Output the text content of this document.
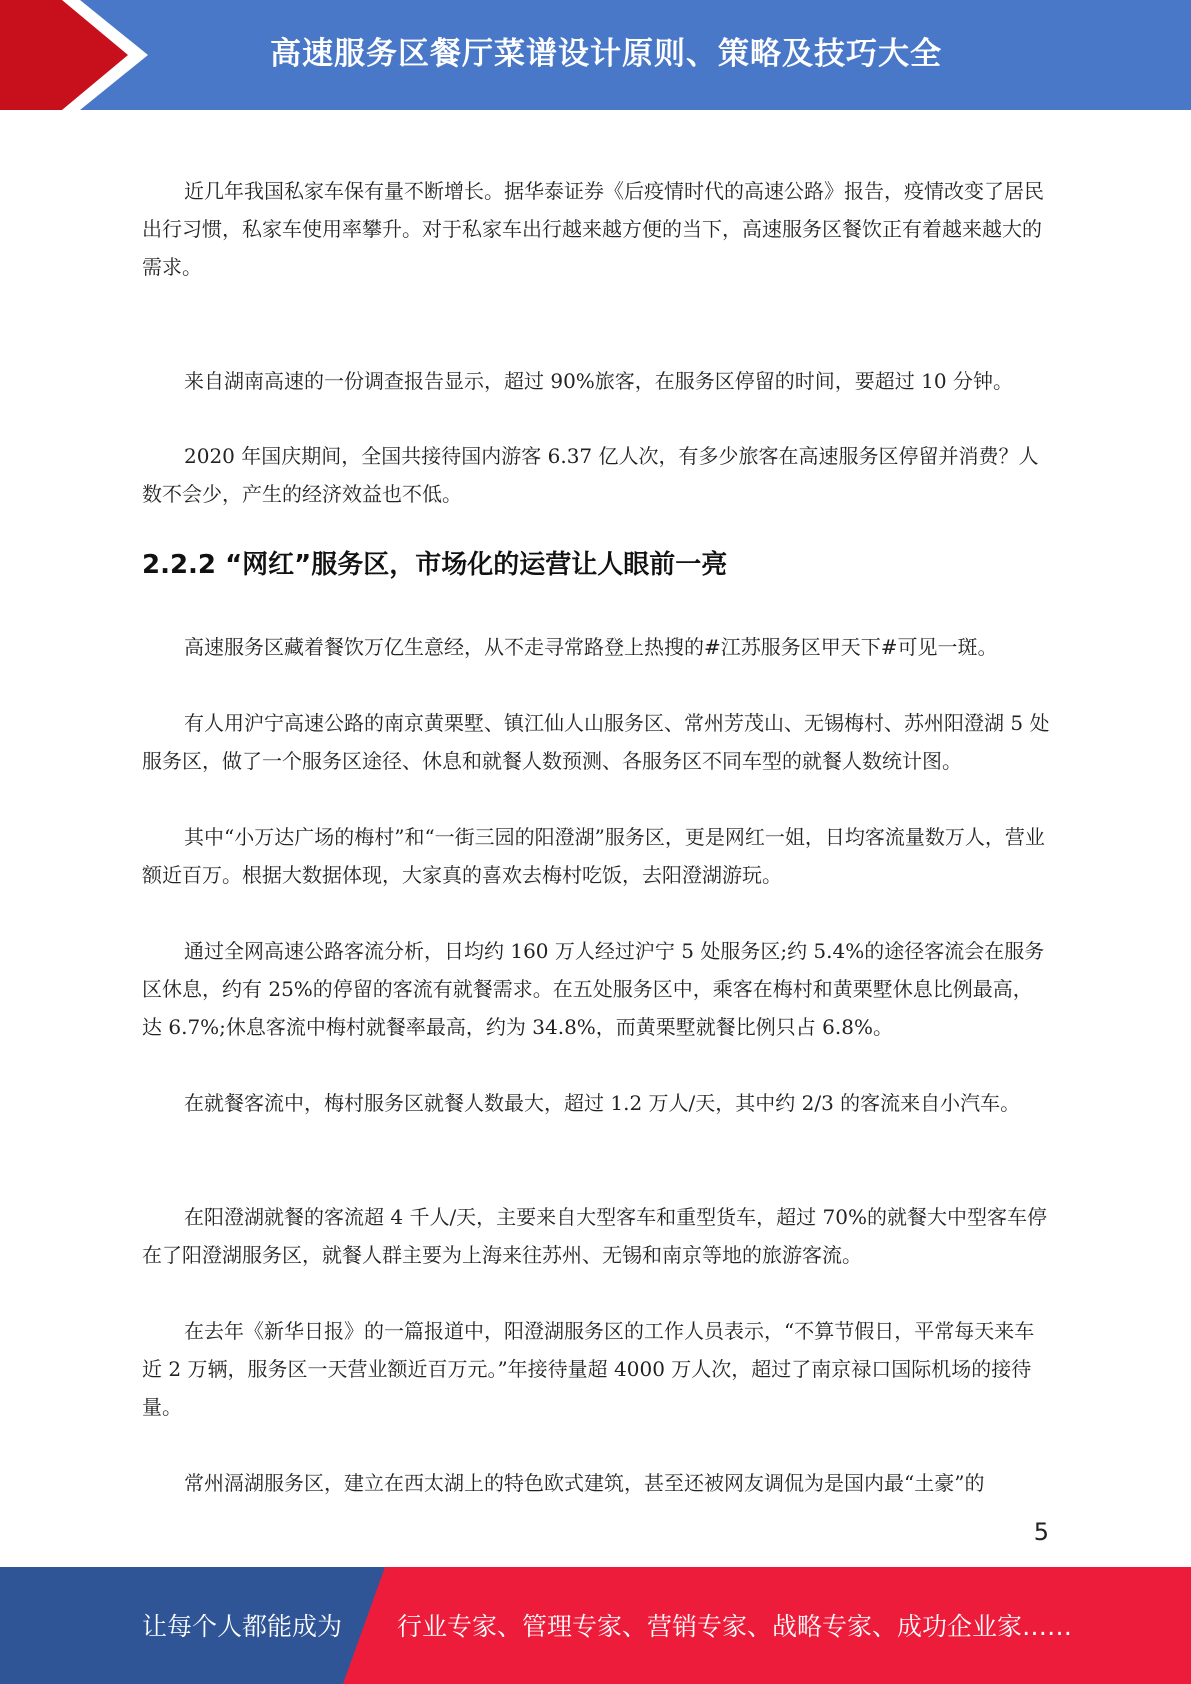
高速服务区餐厅菜谱设计原则、策略及技巧大全

近几年我国私家车保有量不断增长。据华泰证券《后疫情时代的高速公路》报告，疫情改变了居民出行习惯，私家车使用率攀升。对于私家车出行越来越方便的当下，高速服务区餐饮正有着越来越大的需求。

来自湖南高速的一份调查报告显示，超过 90%旅客，在服务区停留的时间，要超过 10 分钟。

2020 年国庆期间，全国共接待国内游客 6.37 亿人次，有多少旅客在高速服务区停留并消费？人数不会少，产生的经济效益也不低。

2.2.2 “网红”服务区，市场化的运营让人眼前一亮

高速服务区藏着餐饮万亿生意经，从不走寻常路登上热搜的#江苏服务区甲天下#可见一斑。

有人用沪宁高速公路的南京黄栗墅、镇江仙人山服务区、常州芳茂山、无锡梅村、苏州阳澄湖 5 处服务区，做了一个服务区途径、休息和就餐人数预测、各服务区不同车型的就餐人数统计图。

其中“小万达广场的梅村”和“一街三园的阳澄湖”服务区，更是网红一姐，日均客流量数万人，营业额近百万。根据大数据体现，大家真的喜欢去梅村吃饭，去阳澄湖游玩。

通过全网高速公路客流分析，日均约 160 万人经过沪宁 5 处服务区;约 5.4%的途径客流会在服务区休息，约有 25%的停留的客流有就餐需求。在五处服务区中，乘客在梅村和黄栗墅休息比例最高，达 6.7%;休息客流中梅村就餐率最高，约为 34.8%，而黄栗墅就餐比例只占 6.8%。

在就餐客流中，梅村服务区就餐人数最大，超过 1.2 万人/天，其中约 2/3 的客流来自小汽车。

在阳澄湖就餐的客流超 4 千人/天，主要来自大型客车和重型货车，超过 70%的就餐大中型客车停在了阳澄湖服务区，就餐人群主要为上海来往苏州、无锡和南京等地的旅游客流。

在去年《新华日报》的一篇报道中，阳澄湖服务区的工作人员表示，“不算节假日，平常每天来车近 2 万辆，服务区一天营业额近百万元。”年接待量超 4000 万人次，超过了南京禄口国际机场的接待量。

常州滆湖服务区，建立在西太湖上的特色欧式建筑，甚至还被网友调侃为是国内最“土豪”的

5
让每个人都能成为 行业专家、管理专家、营销专家、战略专家、成功企业家……
